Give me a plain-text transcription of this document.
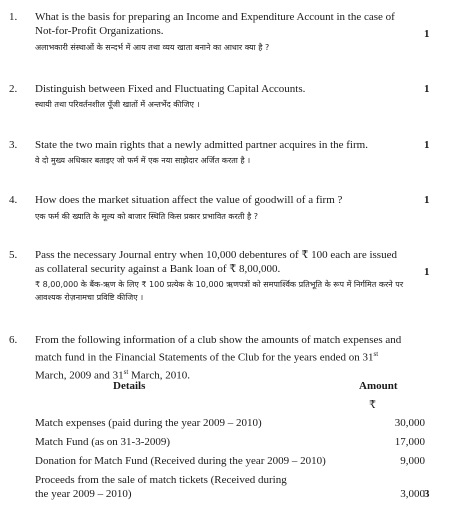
1. What is the basis for preparing an Income and Expenditure Account in the case of Not-for-Profit Organizations.
अलाभकारी संस्थाओं के सन्दर्भ में आय तथा व्यय खाता बनाने का आधार क्या है ?
1
2. Distinguish between Fixed and Fluctuating Capital Accounts.
स्थायी तथा परिवर्तनशील पूँजी खातों में अन्तर्भेद कीजिए ।
1
3. State the two main rights that a newly admitted partner acquires in the firm.
वे दो मुख्य अधिकार बताइए जो फर्म में एक नया साझेदार अर्जित करता है ।
1
4. How does the market situation affect the value of goodwill of a firm ?
एक फर्म की ख्याति के मूल्य को बाजार स्थिति किस प्रकार प्रभावित करती है ?
1
5. Pass the necessary Journal entry when 10,000 debentures of ₹ 100 each are issued as collateral security against a Bank loan of ₹ 8,00,000.
₹ 8,00,000 के बैंक-ऋण के लिए ₹ 100 प्रत्येक के 10,000 ऋणपत्रों को समपार्श्विक प्रतिभूति के रूप में निर्गमित करने पर आवश्यक रोज़नामचा प्रविष्टि कीजिए ।
1
6. From the following information of a club show the amounts of match expenses and match fund in the Financial Statements of the Club for the years ended on 31st March, 2009 and 31st March, 2010.
Details	Amount
₹
Match expenses (paid during the year 2009 – 2010)	30,000
Match Fund (as on 31-3-2009)	17,000
Donation for Match Fund (Received during the year 2009 – 2010)	9,000
Proceeds from the sale of match tickets (Received during the year 2009 – 2010)	3,000 3
